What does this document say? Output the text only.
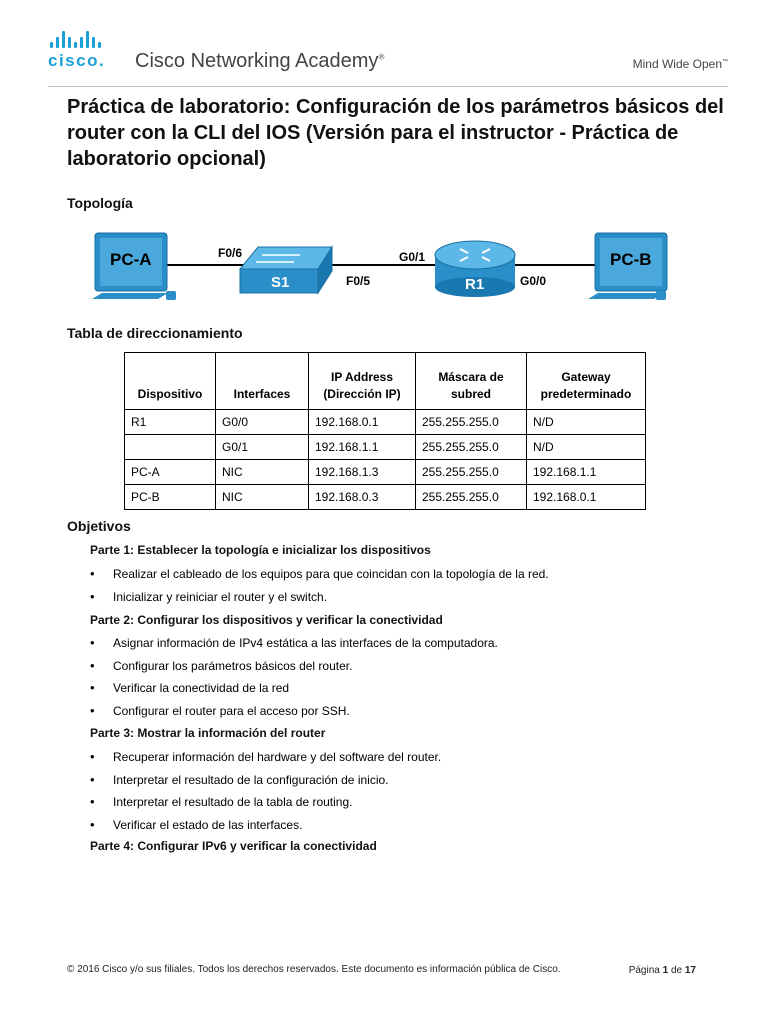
cisco. Cisco Networking Academy®
Mind Wide Open™
Práctica de laboratorio: Configuración de los parámetros básicos del router con la CLI del IOS (Versión para el instructor - Práctica de laboratorio opcional)
Topología
PC-A
S1	R1
PC-B
F0/6
F0/5
G0/1
G0/0
Tabla de direccionamiento
Dispositivo	Interfaces	IP Address (Dirección IP)	Máscara de subred	Gateway predeterminado
R1	G0/0	192.168.0.1	255.255.255.0	N/D
	G0/1	192.168.1.1	255.255.255.0	N/D
PC-A	NIC	192.168.1.3	255.255.255.0	192.168.1.1
PC-B	NIC	192.168.0.3	255.255.255.0	192.168.0.1
Objetivos
Parte 1: Establecer la topología e inicializar los dispositivos
• Realizar el cableado de los equipos para que coincidan con la topología de la red.
• Inicializar y reiniciar el router y el switch.
Parte 2: Configurar los dispositivos y verificar la conectividad
• Asignar información de IPv4 estática a las interfaces de la computadora.
• Configurar los parámetros básicos del router.
• Verificar la conectividad de la red
• Configurar el router para el acceso por SSH.
Parte 3: Mostrar la información del router
• Recuperar información del hardware y del software del router.
• Interpretar el resultado de la configuración de inicio.
• Interpretar el resultado de la tabla de routing.
• Verificar el estado de las interfaces.
Parte 4: Configurar IPv6 y verificar la conectividad
© 2016 Cisco y/o sus filiales. Todos los derechos reservados. Este documento es información pública de Cisco.	Página 1 de 17
